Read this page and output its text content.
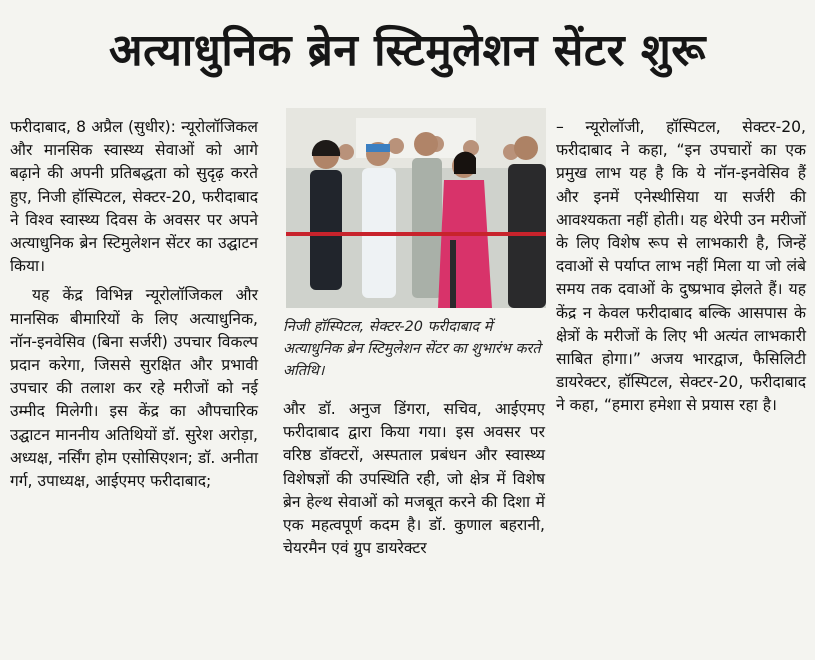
अत्याधुनिक ब्रेन स्टिमुलेशन सेंटर शुरू

फरीदाबाद, 8 अप्रैल (सुधीर): न्यूरोलॉजिकल और मानसिक स्वास्थ्य सेवाओं को आगे बढ़ाने की अपनी प्रतिबद्धता को सुदृढ़ करते हुए, निजी हॉस्पिटल, सेक्टर-20, फरीदाबाद ने विश्व स्वास्थ्य दिवस के अवसर पर अपने अत्याधुनिक ब्रेन स्टिमुलेशन सेंटर का उद्घाटन किया।

यह केंद्र विभिन्न न्यूरोलॉजिकल और मानसिक बीमारियों के लिए अत्याधुनिक, नॉन-इनवेसिव (बिना सर्जरी) उपचार विकल्प प्रदान करेगा, जिससे सुरक्षित और प्रभावी उपचार की तलाश कर रहे मरीजों को नई उम्मीद मिलेगी। इस केंद्र का औपचारिक उद्घाटन माननीय अतिथियों डॉ. सुरेश अरोड़ा, अध्यक्ष, नर्सिंग होम एसोसिएशन; डॉ. अनीता गर्ग, उपाध्यक्ष, आईएमए फरीदाबाद;

निजी हॉस्पिटल, सेक्टर-20 फरीदाबाद में अत्याधुनिक ब्रेन स्टिमुलेशन सेंटर का शुभारंभ करते अतिथि।

और डॉ. अनुज डिंगरा, सचिव, आईएमए फरीदाबाद द्वारा किया गया। इस अवसर पर वरिष्ठ डॉक्टरों, अस्पताल प्रबंधन और स्वास्थ्य विशेषज्ञों की उपस्थिति रही, जो क्षेत्र में विशेष ब्रेन हेल्थ सेवाओं को मजबूत करने की दिशा में एक महत्वपूर्ण कदम है। डॉ. कुणाल बहरानी, चेयरमैन एवं ग्रुप डायरेक्टर

– न्यूरोलॉजी, हॉस्पिटल, सेक्टर-20, फरीदाबाद ने कहा, “इन उपचारों का एक प्रमुख लाभ यह है कि ये नॉन-इनवेसिव हैं और इनमें एनेस्थीसिया या सर्जरी की आवश्यकता नहीं होती। यह थेरेपी उन मरीजों के लिए विशेष रूप से लाभकारी है, जिन्हें दवाओं से पर्याप्त लाभ नहीं मिला या जो लंबे समय तक दवाओं के दुष्प्रभाव झेलते हैं। यह केंद्र न केवल फरीदाबाद बल्कि आसपास के क्षेत्रों के मरीजों के लिए भी अत्यंत लाभकारी साबित होगा।” अजय भारद्वाज, फैसिलिटी डायरेक्टर, हॉस्पिटल, सेक्टर-20, फरीदाबाद ने कहा, “हमारा हमेशा से प्रयास रहा है।
